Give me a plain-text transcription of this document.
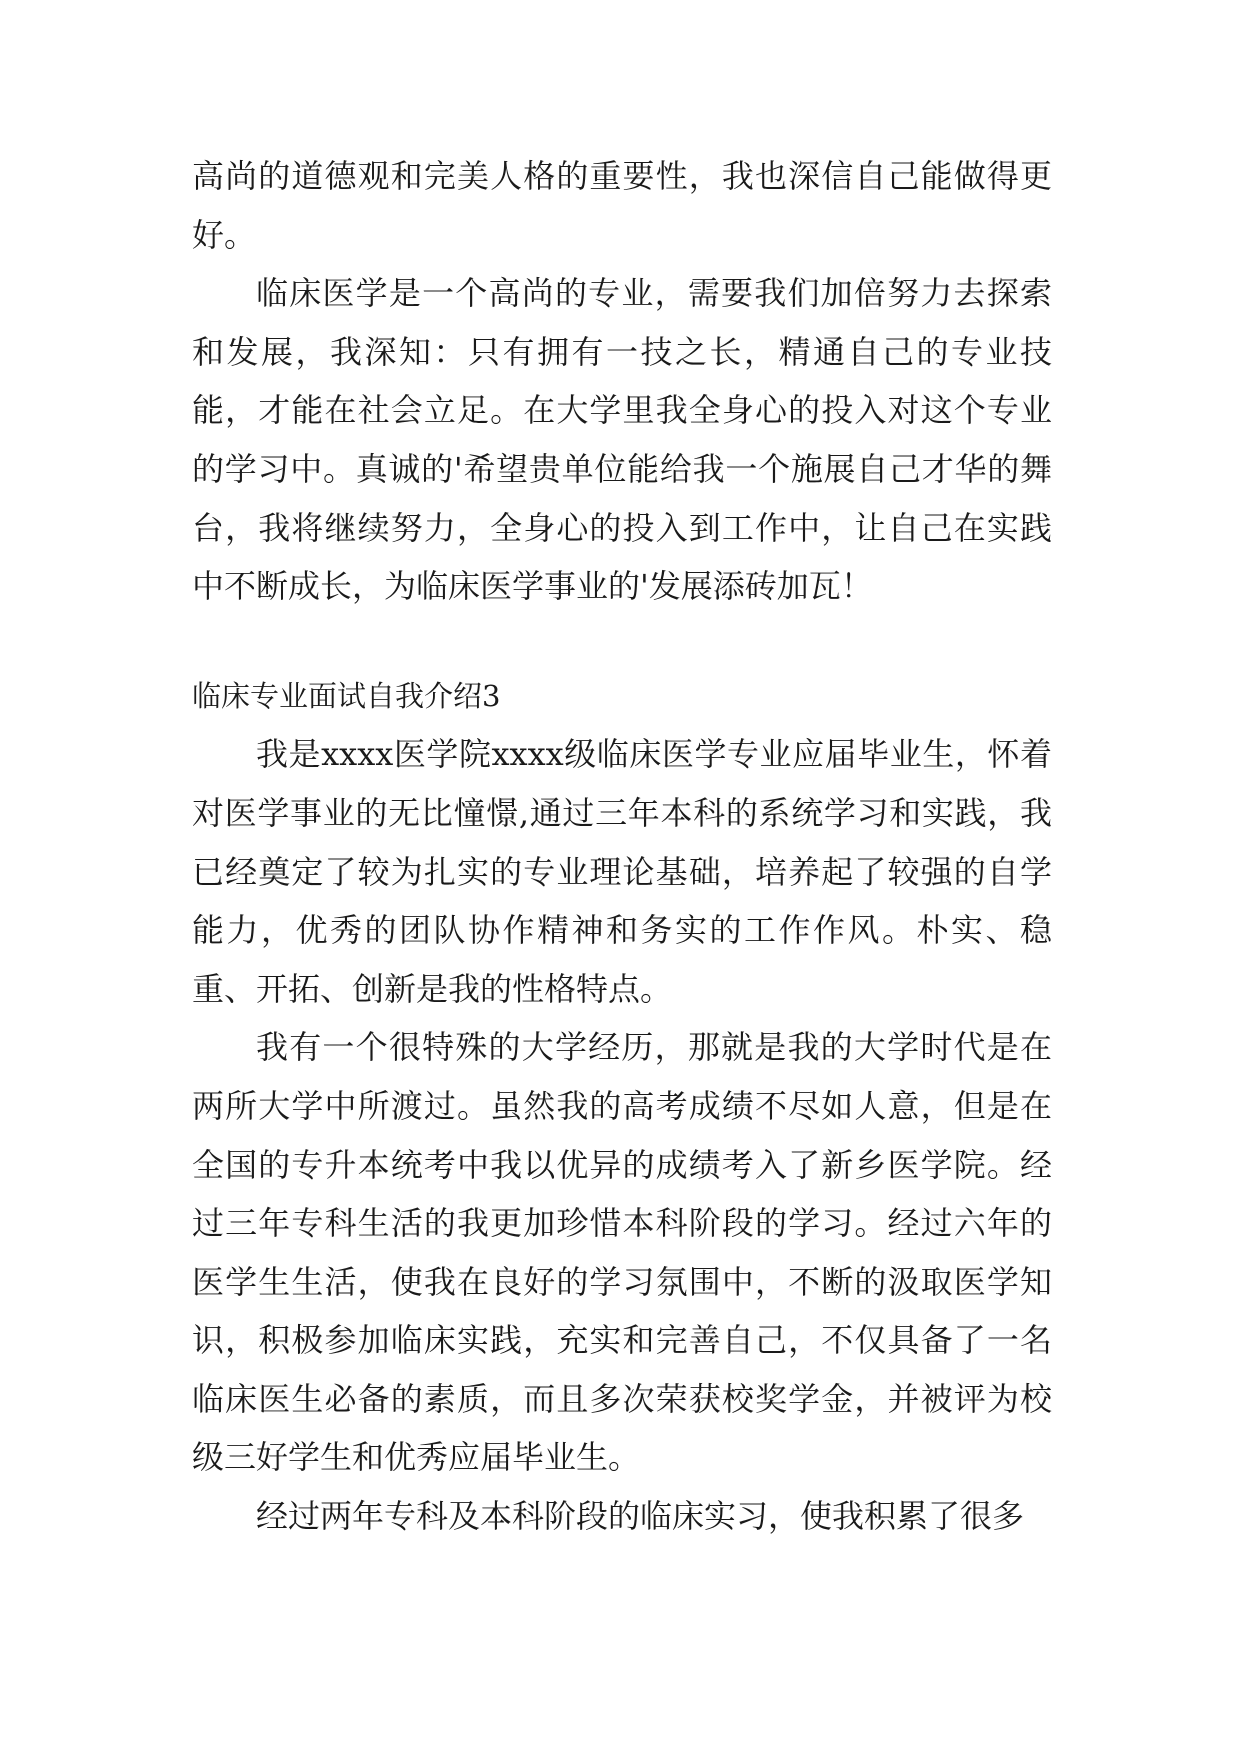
高尚的道德观和完美人格的重要性，我也深信自己能做得更好。

临床医学是一个高尚的专业，需要我们加倍努力去探索和发展，我深知：只有拥有一技之长，精通自己的专业技能，才能在社会立足。在大学里我全身心的投入对这个专业的学习中。真诚的'希望贵单位能给我一个施展自己才华的舞台，我将继续努力，全身心的投入到工作中，让自己在实践中不断成长，为临床医学事业的'发展添砖加瓦！

临床专业面试自我介绍3

我是xxxx医学院xxxx级临床医学专业应届毕业生，怀着对医学事业的无比憧憬,通过三年本科的系统学习和实践，我已经奠定了较为扎实的专业理论基础，培养起了较强的自学能力，优秀的团队协作精神和务实的工作作风。朴实、稳重、开拓、创新是我的性格特点。

我有一个很特殊的大学经历，那就是我的大学时代是在两所大学中所渡过。虽然我的高考成绩不尽如人意，但是在全国的专升本统考中我以优异的成绩考入了新乡医学院。经过三年专科生活的我更加珍惜本科阶段的学习。经过六年的医学生生活，使我在良好的学习氛围中，不断的汲取医学知识，积极参加临床实践，充实和完善自己，不仅具备了一名临床医生必备的素质，而且多次荣获校奖学金，并被评为校级三好学生和优秀应届毕业生。

经过两年专科及本科阶段的临床实习，使我积累了很多
